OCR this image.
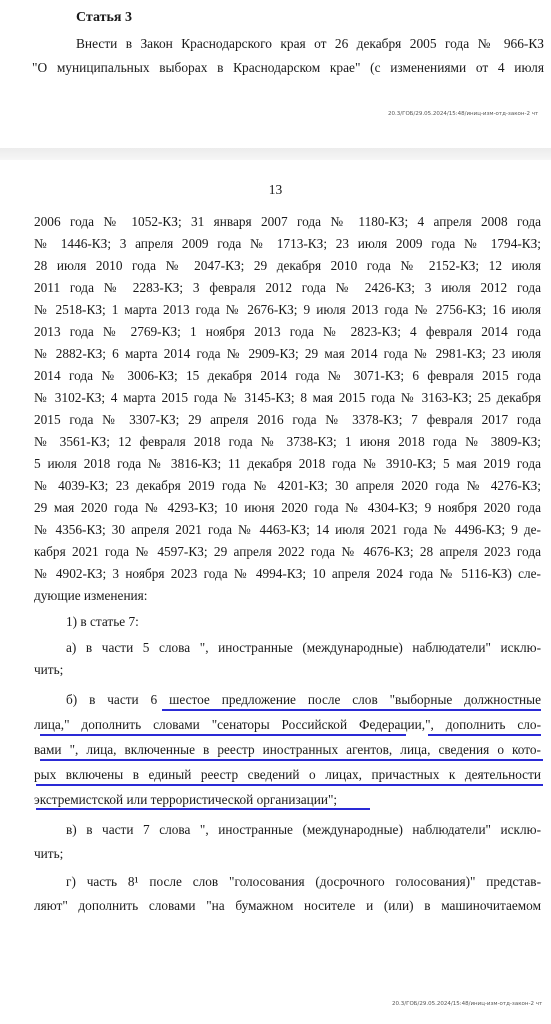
Статья 3
Внести в Закон Краснодарского края от 26 декабря 2005 года № 966-КЗ
"О муниципальных выборах в Краснодарском крае" (с изменениями от 4 июля
20.3/ГОБ/29.05.2024/15:48/иниц-изм-отд-закон-2 чт
13
2006 года № 1052-КЗ; 31 января 2007 года № 1180-КЗ; 4 апреля 2008 года
№ 1446-КЗ; 3 апреля 2009 года № 1713-КЗ; 23 июля 2009 года № 1794-КЗ;
28 июля 2010 года № 2047-КЗ; 29 декабря 2010 года № 2152-КЗ; 12 июля
2011 года № 2283-КЗ; 3 февраля 2012 года № 2426-КЗ; 3 июля 2012 года
№ 2518-КЗ; 1 марта 2013 года № 2676-КЗ; 9 июля 2013 года № 2756-КЗ; 16 июля
2013 года № 2769-КЗ; 1 ноября 2013 года № 2823-КЗ; 4 февраля 2014 года
№ 2882-КЗ; 6 марта 2014 года № 2909-КЗ; 29 мая 2014 года № 2981-КЗ; 23 июля
2014 года № 3006-КЗ; 15 декабря 2014 года № 3071-КЗ; 6 февраля 2015 года
№ 3102-КЗ; 4 марта 2015 года № 3145-КЗ; 8 мая 2015 года № 3163-КЗ; 25 декабря
2015 года № 3307-КЗ; 29 апреля 2016 года № 3378-КЗ; 7 февраля 2017 года
№ 3561-КЗ; 12 февраля 2018 года № 3738-КЗ; 1 июня 2018 года № 3809-КЗ;
5 июля 2018 года № 3816-КЗ; 11 декабря 2018 года № 3910-КЗ; 5 мая 2019 года
№ 4039-КЗ; 23 декабря 2019 года № 4201-КЗ; 30 апреля 2020 года № 4276-КЗ;
29 мая 2020 года № 4293-КЗ; 10 июня 2020 года № 4304-КЗ; 9 ноября 2020 года
№ 4356-КЗ; 30 апреля 2021 года № 4463-КЗ; 14 июля 2021 года № 4496-КЗ; 9 де-
кабря 2021 года № 4597-КЗ; 29 апреля 2022 года № 4676-КЗ; 28 апреля 2023 года
№ 4902-КЗ; 3 ноября 2023 года № 4994-КЗ; 10 апреля 2024 года № 5116-КЗ) сле-
дующие изменения:
1) в статье 7:
а) в части 5 слова ", иностранные (международные) наблюдатели" исклю-
чить;
б) в части 6 шестое предложение после слов "выборные должностные
лица," дополнить словами "сенаторы Российской Федерации,", дополнить сло-
вами ", лица, включенные в реестр иностранных агентов, лица, сведения о кото-
рых включены в единый реестр сведений о лицах, причастных к деятельности
экстремистской или террористической организации";
в) в части 7 слова ", иностранные (международные) наблюдатели" исклю-
чить;
г) часть 8¹ после слов "голосования (досрочного голосования)" представ-
ляют" дополнить словами "на бумажном носителе и (или) в машиночитаемом
20.3/ГОБ/29.05.2024/15:48/иниц-изм-отд-закон-2 чт
